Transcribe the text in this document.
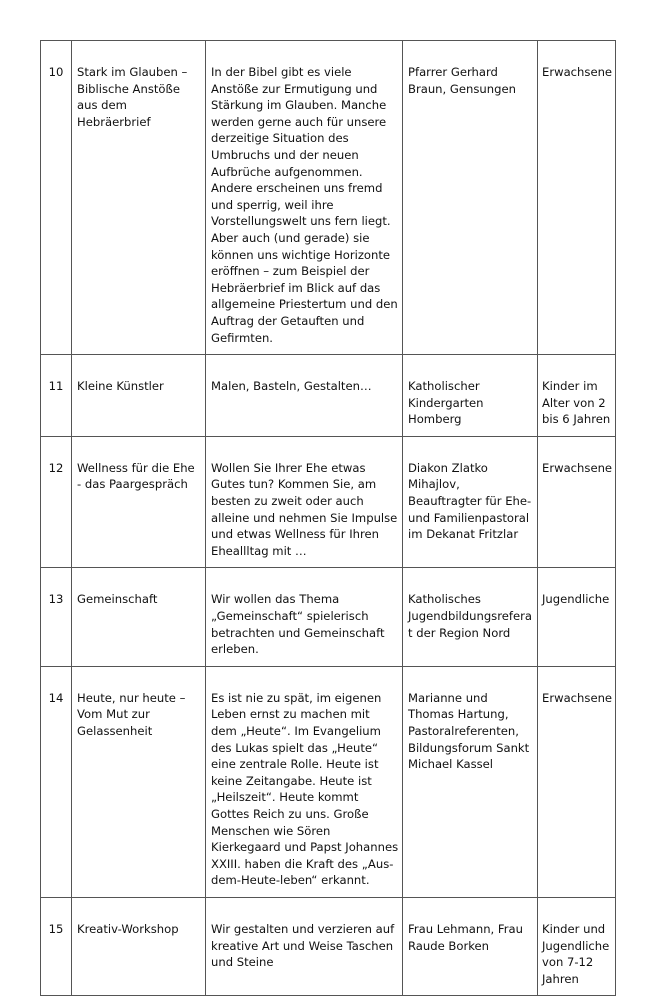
10	Stark im Glauben – Biblische Anstöße aus dem Hebräerbrief	In der Bibel gibt es viele Anstöße zur Ermutigung und Stärkung im Glauben. Manche werden gerne auch für unsere derzeitige Situation des Umbruchs und der neuen Aufbrüche aufgenommen. Andere erscheinen uns fremd und sperrig, weil ihre Vorstellungswelt uns fern liegt. Aber auch (und gerade) sie können uns wichtige Horizonte eröffnen – zum Beispiel der Hebräerbrief im Blick auf das allgemeine Priestertum und den Auftrag der Getauften und Gefirmten.	Pfarrer Gerhard Braun, Gensungen	Erwachsene
11	Kleine Künstler	Malen, Basteln, Gestalten…	Katholischer Kindergarten Homberg	Kinder im Alter von 2 bis 6 Jahren
12	Wellness für die Ehe - das Paargespräch	Wollen Sie Ihrer Ehe etwas Gutes tun? Kommen Sie, am besten zu zweit oder auch alleine und nehmen Sie Impulse und etwas Wellness für Ihren Eheallltag mit …	Diakon Zlatko Mihajlov, Beauftragter für Ehe- und Familienpastoral im Dekanat Fritzlar	Erwachsene
13	Gemeinschaft	Wir wollen das Thema „Gemeinschaft“ spielerisch betrachten und Gemeinschaft erleben.	Katholisches Jugendbildungsreferat der Region Nord	Jugendliche
14	Heute, nur heute – Vom Mut zur Gelassenheit	Es ist nie zu spät, im eigenen Leben ernst zu machen mit dem „Heute“. Im Evangelium des Lukas spielt das „Heute“ eine zentrale Rolle. Heute ist keine Zeitangabe. Heute ist „Heilszeit“. Heute kommt Gottes Reich zu uns. Große Menschen wie Sören Kierkegaard und Papst Johannes XXIII. haben die Kraft des „Aus-dem-Heute-leben“ erkannt.	Marianne und Thomas Hartung, Pastoralreferenten, Bildungsforum Sankt Michael Kassel	Erwachsene
15	Kreativ-Workshop	Wir gestalten und verzieren auf kreative Art und Weise Taschen und Steine	Frau Lehmann, Frau Raude Borken	Kinder und Jugendliche von 7-12 Jahren
